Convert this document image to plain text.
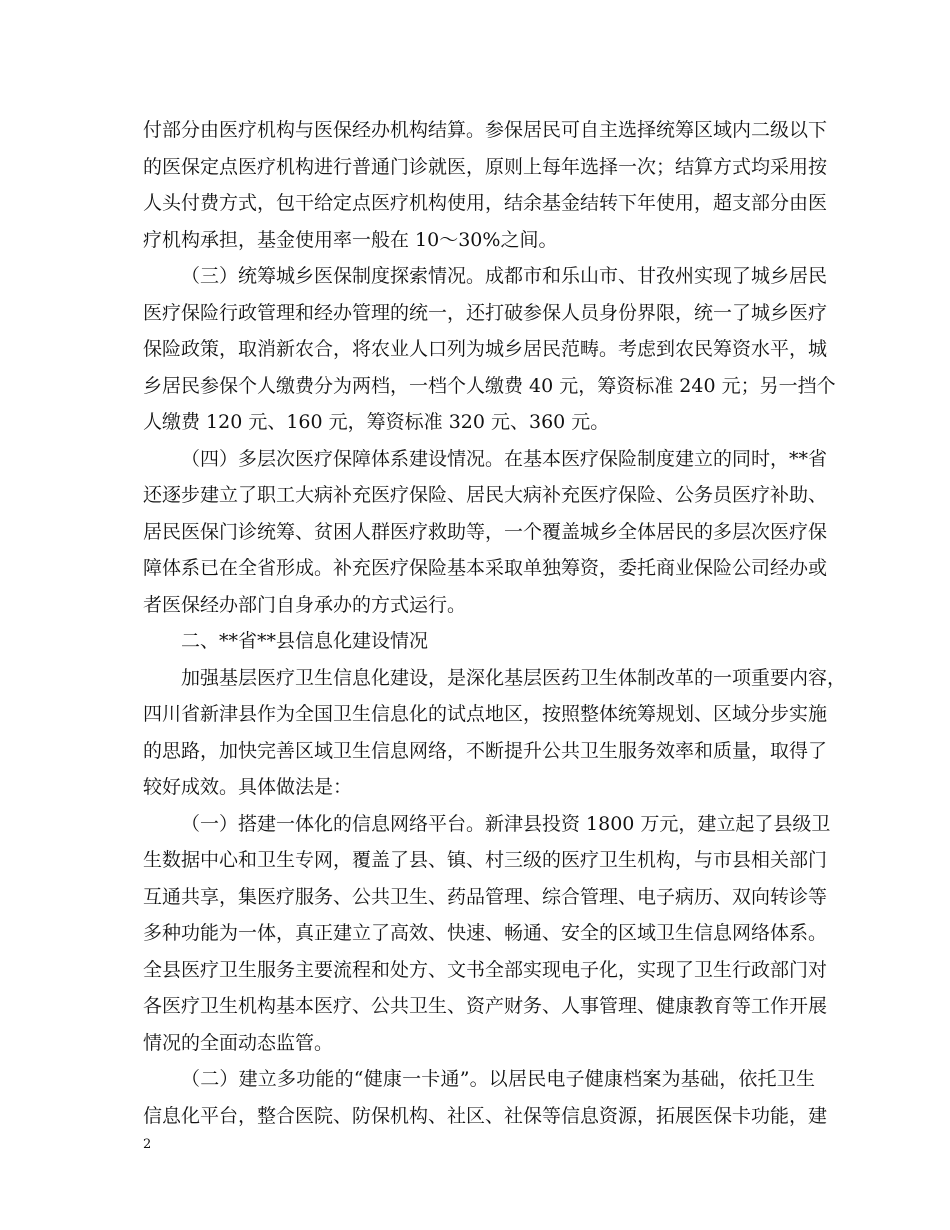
付部分由医疗机构与医保经办机构结算。参保居民可自主选择统筹区域内二级以下
的医保定点医疗机构进行普通门诊就医，原则上每年选择一次；结算方式均采用按
人头付费方式，包干给定点医疗机构使用，结余基金结转下年使用，超支部分由医
疗机构承担，基金使用率一般在 10～30%之间。
（三）统筹城乡医保制度探索情况。成都市和乐山市、甘孜州实现了城乡居民
医疗保险行政管理和经办管理的统一，还打破参保人员身份界限，统一了城乡医疗
保险政策，取消新农合，将农业人口列为城乡居民范畴。考虑到农民筹资水平，城
乡居民参保个人缴费分为两档，一档个人缴费 40 元，筹资标准 240 元；另一挡个
人缴费 120 元、160 元，筹资标准 320 元、360 元。
（四）多层次医疗保障体系建设情况。在基本医疗保险制度建立的同时，**省
还逐步建立了职工大病补充医疗保险、居民大病补充医疗保险、公务员医疗补助、
居民医保门诊统筹、贫困人群医疗救助等，一个覆盖城乡全体居民的多层次医疗保
障体系已在全省形成。补充医疗保险基本采取单独筹资，委托商业保险公司经办或
者医保经办部门自身承办的方式运行。
二、**省**县信息化建设情况
加强基层医疗卫生信息化建设，是深化基层医药卫生体制改革的一项重要内容，
四川省新津县作为全国卫生信息化的试点地区，按照整体统筹规划、区域分步实施
的思路，加快完善区域卫生信息网络，不断提升公共卫生服务效率和质量，取得了
较好成效。具体做法是：
（一）搭建一体化的信息网络平台。新津县投资 1800 万元，建立起了县级卫
生数据中心和卫生专网，覆盖了县、镇、村三级的医疗卫生机构，与市县相关部门
互通共享，集医疗服务、公共卫生、药品管理、综合管理、电子病历、双向转诊等
多种功能为一体，真正建立了高效、快速、畅通、安全的区域卫生信息网络体系。
全县医疗卫生服务主要流程和处方、文书全部实现电子化，实现了卫生行政部门对
各医疗卫生机构基本医疗、公共卫生、资产财务、人事管理、健康教育等工作开展
情况的全面动态监管。
（二）建立多功能的“健康一卡通”。以居民电子健康档案为基础，依托卫生
信息化平台，整合医院、防保机构、社区、社保等信息资源，拓展医保卡功能，建
2
